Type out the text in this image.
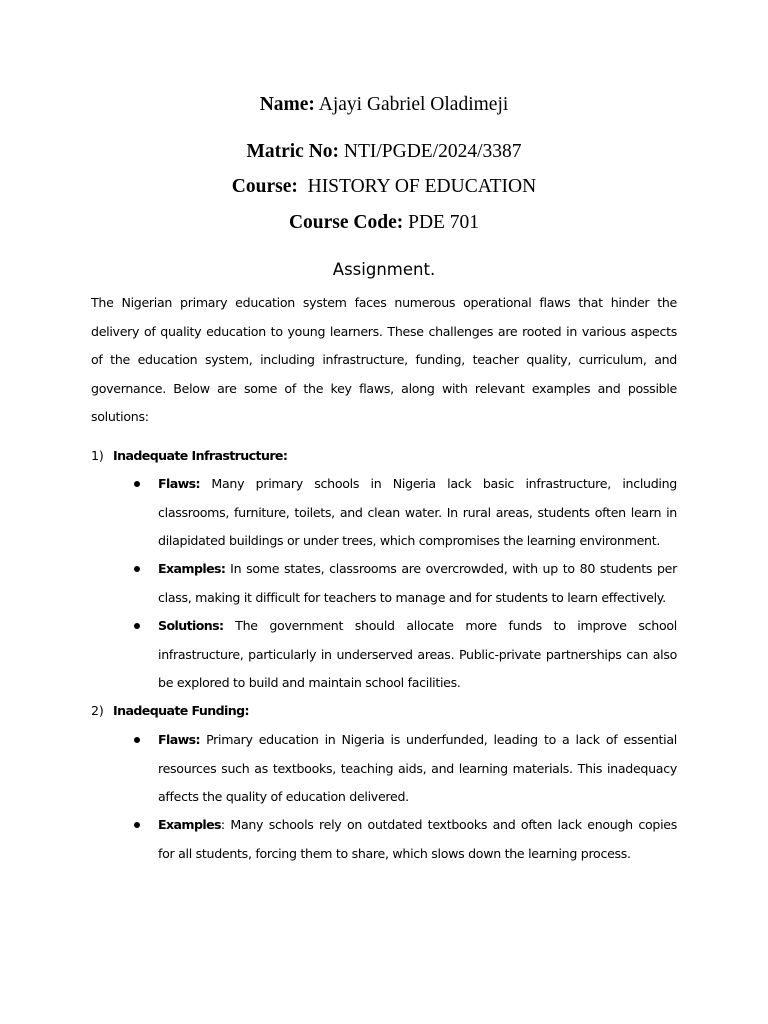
Name: Ajayi Gabriel Oladimeji
Matric No: NTI/PGDE/2024/3387
Course: HISTORY OF EDUCATION
Course Code: PDE 701
Assignment.
The Nigerian primary education system faces numerous operational flaws that hinder the delivery of quality education to young learners. These challenges are rooted in various aspects of the education system, including infrastructure, funding, teacher quality, curriculum, and governance. Below are some of the key flaws, along with relevant examples and possible solutions:
1) Inadequate Infrastructure:
Flaws: Many primary schools in Nigeria lack basic infrastructure, including classrooms, furniture, toilets, and clean water. In rural areas, students often learn in dilapidated buildings or under trees, which compromises the learning environment.
Examples: In some states, classrooms are overcrowded, with up to 80 students per class, making it difficult for teachers to manage and for students to learn effectively.
Solutions: The government should allocate more funds to improve school infrastructure, particularly in underserved areas. Public-private partnerships can also be explored to build and maintain school facilities.
2) Inadequate Funding:
Flaws: Primary education in Nigeria is underfunded, leading to a lack of essential resources such as textbooks, teaching aids, and learning materials. This inadequacy affects the quality of education delivered.
Examples: Many schools rely on outdated textbooks and often lack enough copies for all students, forcing them to share, which slows down the learning process.
